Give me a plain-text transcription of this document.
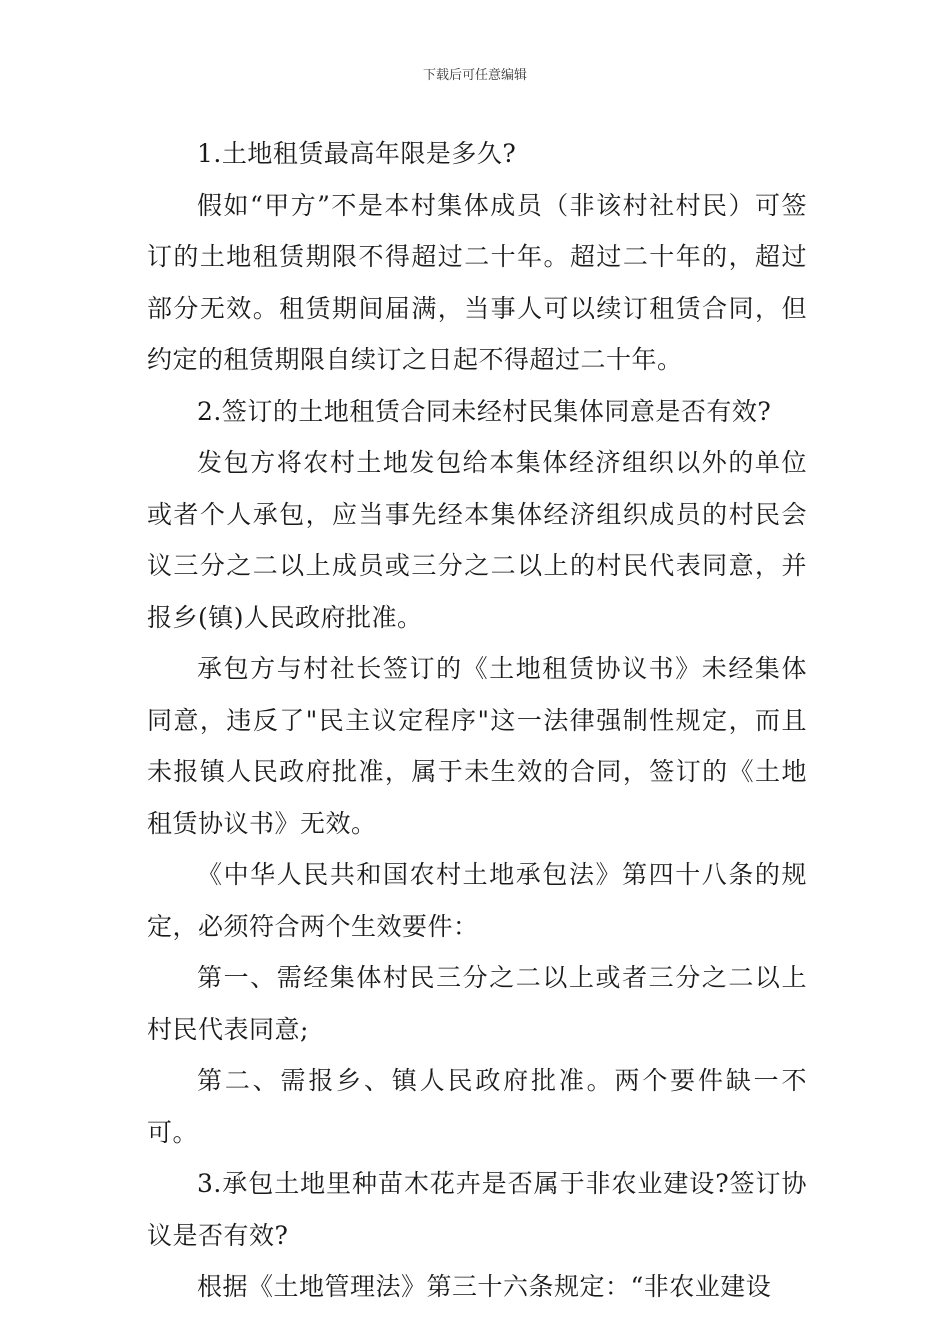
下载后可任意编辑

1.土地租赁最高年限是多久?

假如“甲方”不是本村集体成员（非该村社村民）可签订的土地租赁期限不得超过二十年。超过二十年的，超过部分无效。租赁期间届满，当事人可以续订租赁合同，但约定的租赁期限自续订之日起不得超过二十年。

2.签订的土地租赁合同未经村民集体同意是否有效?

发包方将农村土地发包给本集体经济组织以外的单位或者个人承包，应当事先经本集体经济组织成员的村民会议三分之二以上成员或三分之二以上的村民代表同意，并报乡(镇)人民政府批准。

承包方与村社长签订的《土地租赁协议书》未经集体同意，违反了"民主议定程序"这一法律强制性规定，而且未报镇人民政府批准，属于未生效的合同，签订的《土地租赁协议书》无效。

《中华人民共和国农村土地承包法》第四十八条的规定，必须符合两个生效要件：

第一、需经集体村民三分之二以上或者三分之二以上村民代表同意;

第二、需报乡、镇人民政府批准。两个要件缺一不可。

3.承包土地里种苗木花卉是否属于非农业建设?签订协议是否有效?

根据《土地管理法》第三十六条规定：“非农业建设
